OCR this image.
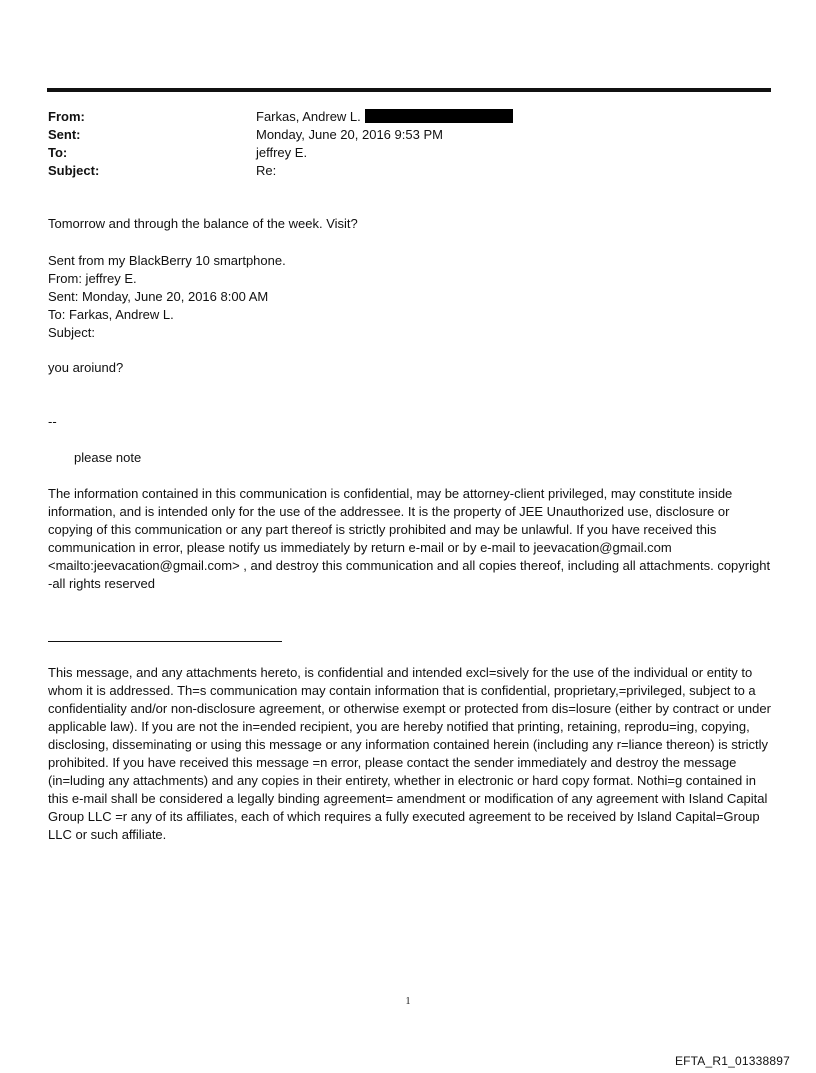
From:	Farkas, Andrew L.
Sent:	Monday, June 20, 2016 9:53 PM
To:	jeffrey E.
Subject:	Re:

Tomorrow and through the balance of the week. Visit?

Sent from my BlackBerry 10 smartphone.

From: jeffrey E.

Sent: Monday, June 20, 2016 8:00 AM

To: Farkas, Andrew L.

Subject:

you aroiund?

--

please note

The information contained in this communication is confidential, may be attorney-client privileged, may constitute inside information, and is intended only for the use of the addressee. It is the property of JEE Unauthorized use, disclosure or copying of this communication or any part thereof is strictly prohibited and may be unlawful. If you have received this communication in error, please notify us immediately by return e-mail or by e-mail to jeevacation@gmail.com <mailto:jeevacation@gmail.com> , and destroy this communication and all copies thereof, including all attachments. copyright -all rights reserved

This message, and any attachments hereto, is confidential and intended excl=sively for the use of the individual or entity to whom it is addressed. Th=s communication may contain information that is confidential, proprietary,=privileged, subject to a confidentiality and/or non-disclosure agreement, or otherwise exempt or protected from dis=losure (either by contract or under applicable law). If you are not the in=ended recipient, you are hereby notified that printing, retaining, reprodu=ing, copying, disclosing, disseminating or using this message or any information contained herein (including any r=liance thereon) is strictly prohibited. If you have received this message =n error, please contact the sender immediately and destroy the message (in=luding any attachments) and any copies in their entirety, whether in electronic or hard copy format. Nothi=g contained in this e-mail shall be considered a legally binding agreement= amendment or modification of any agreement with Island Capital Group LLC =r any of its affiliates, each of which requires a fully executed agreement to be received by Island Capital=Group LLC or such affiliate.

1
EFTA_R1_01338897
